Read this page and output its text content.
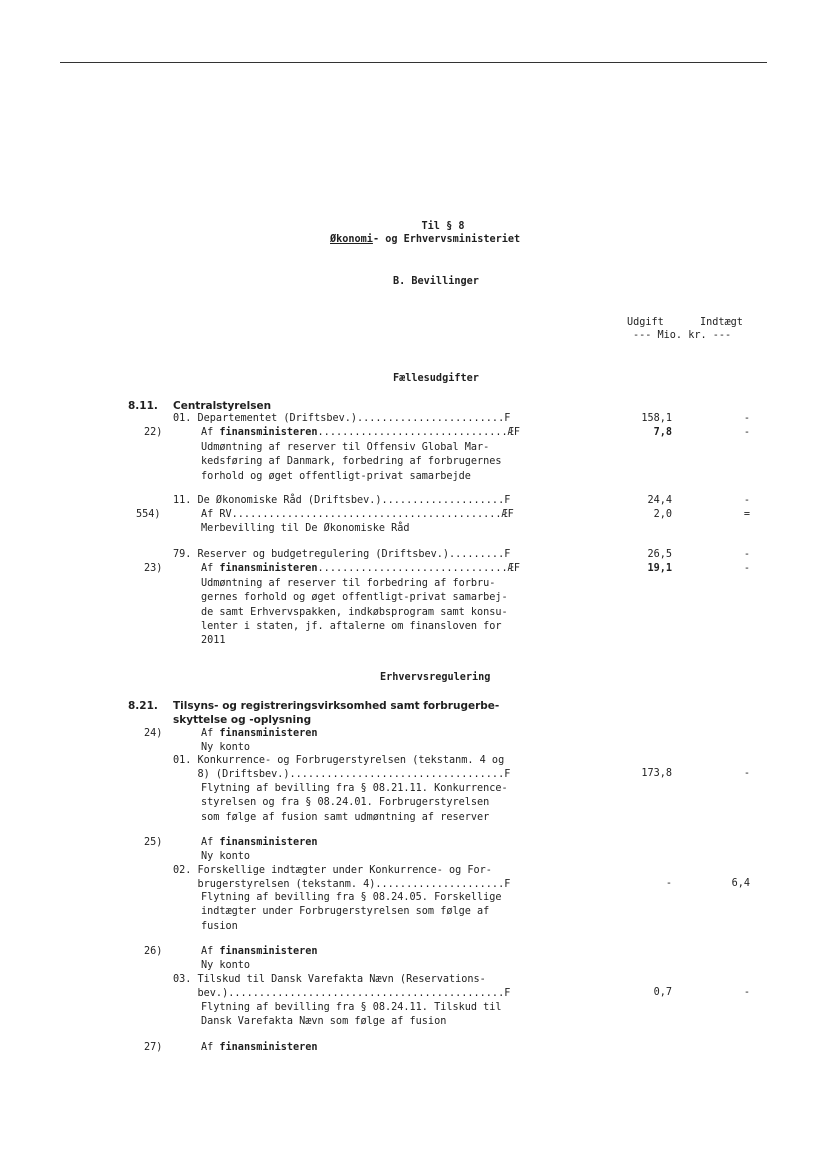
Til § 8
Økonomi- og Erhvervsministeriet
B. Bevillinger
Udgift	Indtægt
--- Mio. kr. ---
Fællesudgifter
8.11. Centralstyrelsen
01. Departementet (Driftsbev.)........................F	158,1	-
22)	Af finansministeren...............................ÆF	7,8	-
Udmøntning af reserver til Offensiv Global Mar-
kedsføring af Danmark, forbedring af forbrugernes
forhold og øget offentligt-privat samarbejde
11. De Økonomiske Råd (Driftsbev.)....................F	24,4	-
554)	Af RV............................................ÆF	2,0	=
Merbevilling til De Økonomiske Råd
79. Reserver og budgetregulering (Driftsbev.).........F	26,5	-
23)	Af finansministeren...............................ÆF	19,1	-
Udmøntning af reserver til forbedring af forbru-
gernes forhold og øget offentligt-privat samarbej-
de samt Erhvervspakken, indkøbsprogram samt konsu-
lenter i staten, jf. aftalerne om finansloven for
2011
Erhvervsregulering
8.21. Tilsyns- og registreringsvirksomhed samt forbrugerbe-
skyttelse og -oplysning
24)	Af finansministeren
Ny konto
01. Konkurrence- og Forbrugerstyrelsen (tekstanm. 4 og
8) (Driftsbev.)...................................F	173,8	-
Flytning af bevilling fra § 08.21.11. Konkurrence-
styrelsen og fra § 08.24.01. Forbrugerstyrelsen
som følge af fusion samt udmøntning af reserver
25)	Af finansministeren
Ny konto
02. Forskellige indtægter under Konkurrence- og For-
brugerstyrelsen (tekstanm. 4).....................F	-	6,4
Flytning af bevilling fra § 08.24.05. Forskellige
indtægter under Forbrugerstyrelsen som følge af
fusion
26)	Af finansministeren
Ny konto
03. Tilskud til Dansk Varefakta Nævn (Reservations-
bev.).............................................F	0,7	-
Flytning af bevilling fra § 08.24.11. Tilskud til
Dansk Varefakta Nævn som følge af fusion
27)	Af finansministeren
